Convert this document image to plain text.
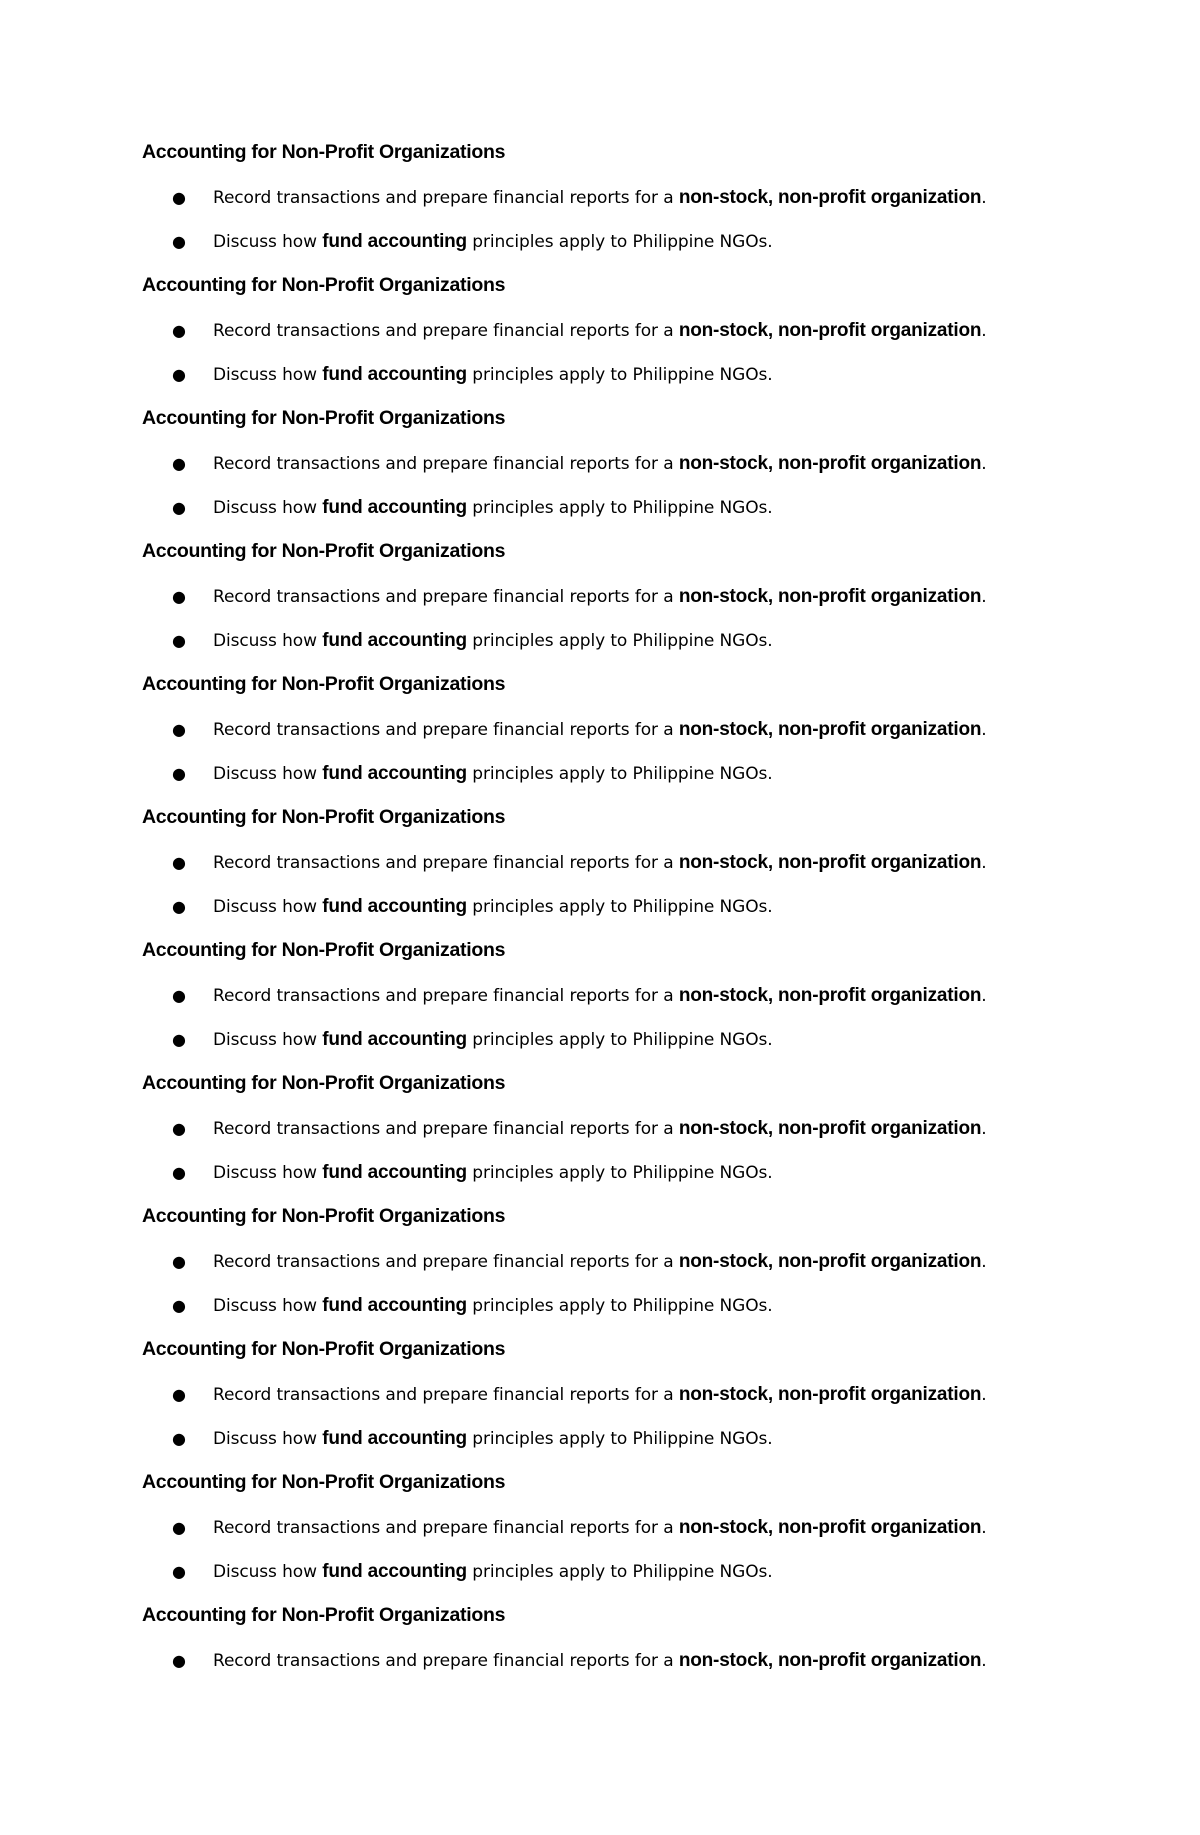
Accounting for Non-Profit Organizations
● Record transactions and prepare financial reports for a non-stock, non-profit organization.
● Discuss how fund accounting principles apply to Philippine NGOs.
Accounting for Non-Profit Organizations
● Record transactions and prepare financial reports for a non-stock, non-profit organization.
● Discuss how fund accounting principles apply to Philippine NGOs.
Accounting for Non-Profit Organizations
● Record transactions and prepare financial reports for a non-stock, non-profit organization.
● Discuss how fund accounting principles apply to Philippine NGOs.
Accounting for Non-Profit Organizations
● Record transactions and prepare financial reports for a non-stock, non-profit organization.
● Discuss how fund accounting principles apply to Philippine NGOs.
Accounting for Non-Profit Organizations
● Record transactions and prepare financial reports for a non-stock, non-profit organization.
● Discuss how fund accounting principles apply to Philippine NGOs.
Accounting for Non-Profit Organizations
● Record transactions and prepare financial reports for a non-stock, non-profit organization.
● Discuss how fund accounting principles apply to Philippine NGOs.
Accounting for Non-Profit Organizations
● Record transactions and prepare financial reports for a non-stock, non-profit organization.
● Discuss how fund accounting principles apply to Philippine NGOs.
Accounting for Non-Profit Organizations
● Record transactions and prepare financial reports for a non-stock, non-profit organization.
● Discuss how fund accounting principles apply to Philippine NGOs.
Accounting for Non-Profit Organizations
● Record transactions and prepare financial reports for a non-stock, non-profit organization.
● Discuss how fund accounting principles apply to Philippine NGOs.
Accounting for Non-Profit Organizations
● Record transactions and prepare financial reports for a non-stock, non-profit organization.
● Discuss how fund accounting principles apply to Philippine NGOs.
Accounting for Non-Profit Organizations
● Record transactions and prepare financial reports for a non-stock, non-profit organization.
● Discuss how fund accounting principles apply to Philippine NGOs.
Accounting for Non-Profit Organizations
● Record transactions and prepare financial reports for a non-stock, non-profit organization.
